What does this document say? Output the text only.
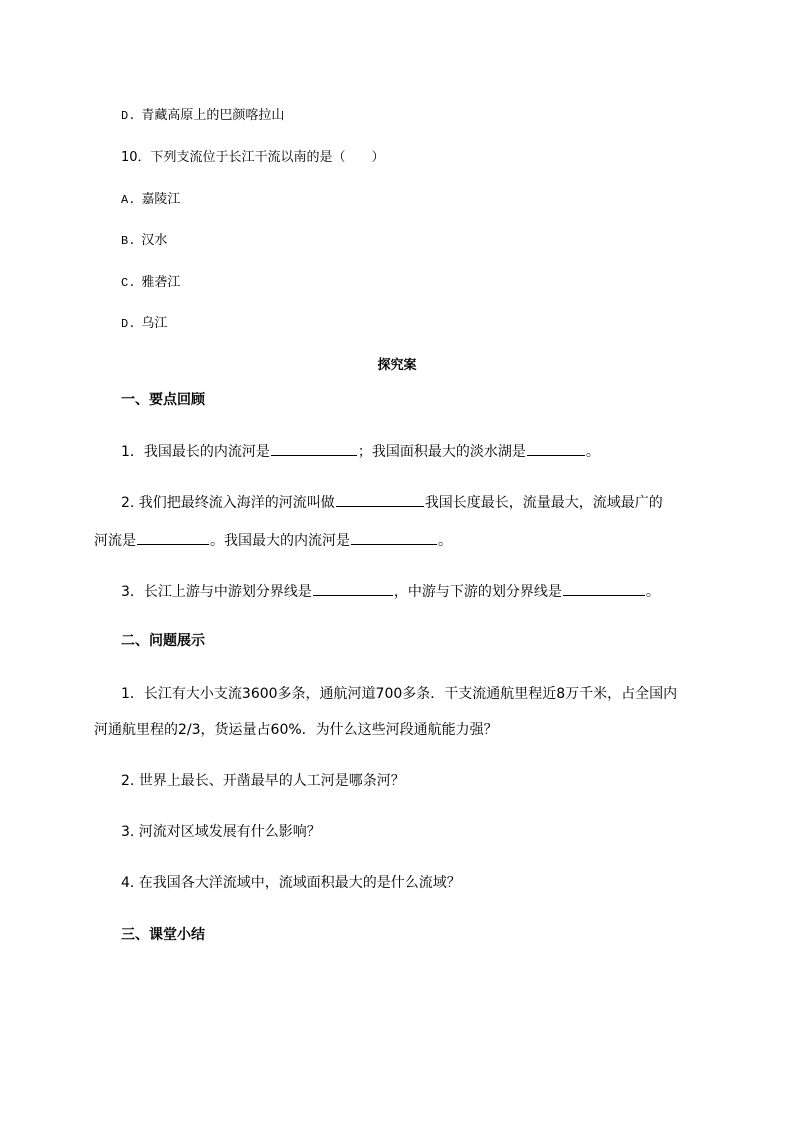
D. 青藏高原上的巴颜喀拉山
10．下列支流位于长江干流以南的是（　　）
A. 嘉陵江
B. 汉水
C. 雅砻江
D. 乌江
探究案
一、要点回顾
1．我国最长的内流河是	；我国面积最大的淡水湖是	。
2. 我们把最终流入海洋的河流叫做	我国长度最长，流量最大，流域最广的
河流是	。我国最大的内流河是	。
3．长江上游与中游划分界线是	，中游与下游的划分界线是	。
二、问题展示
1．长江有大小支流3600多条，通航河道700多条．干支流通航里程近8万千米，占全国内
河通航里程的2/3，货运量占60%．为什么这些河段通航能力强？
2. 世界上最长、开凿最早的人工河是哪条河？
3. 河流对区域发展有什么影响？
4. 在我国各大洋流域中，流域面积最大的是什么流域？
三、课堂小结
